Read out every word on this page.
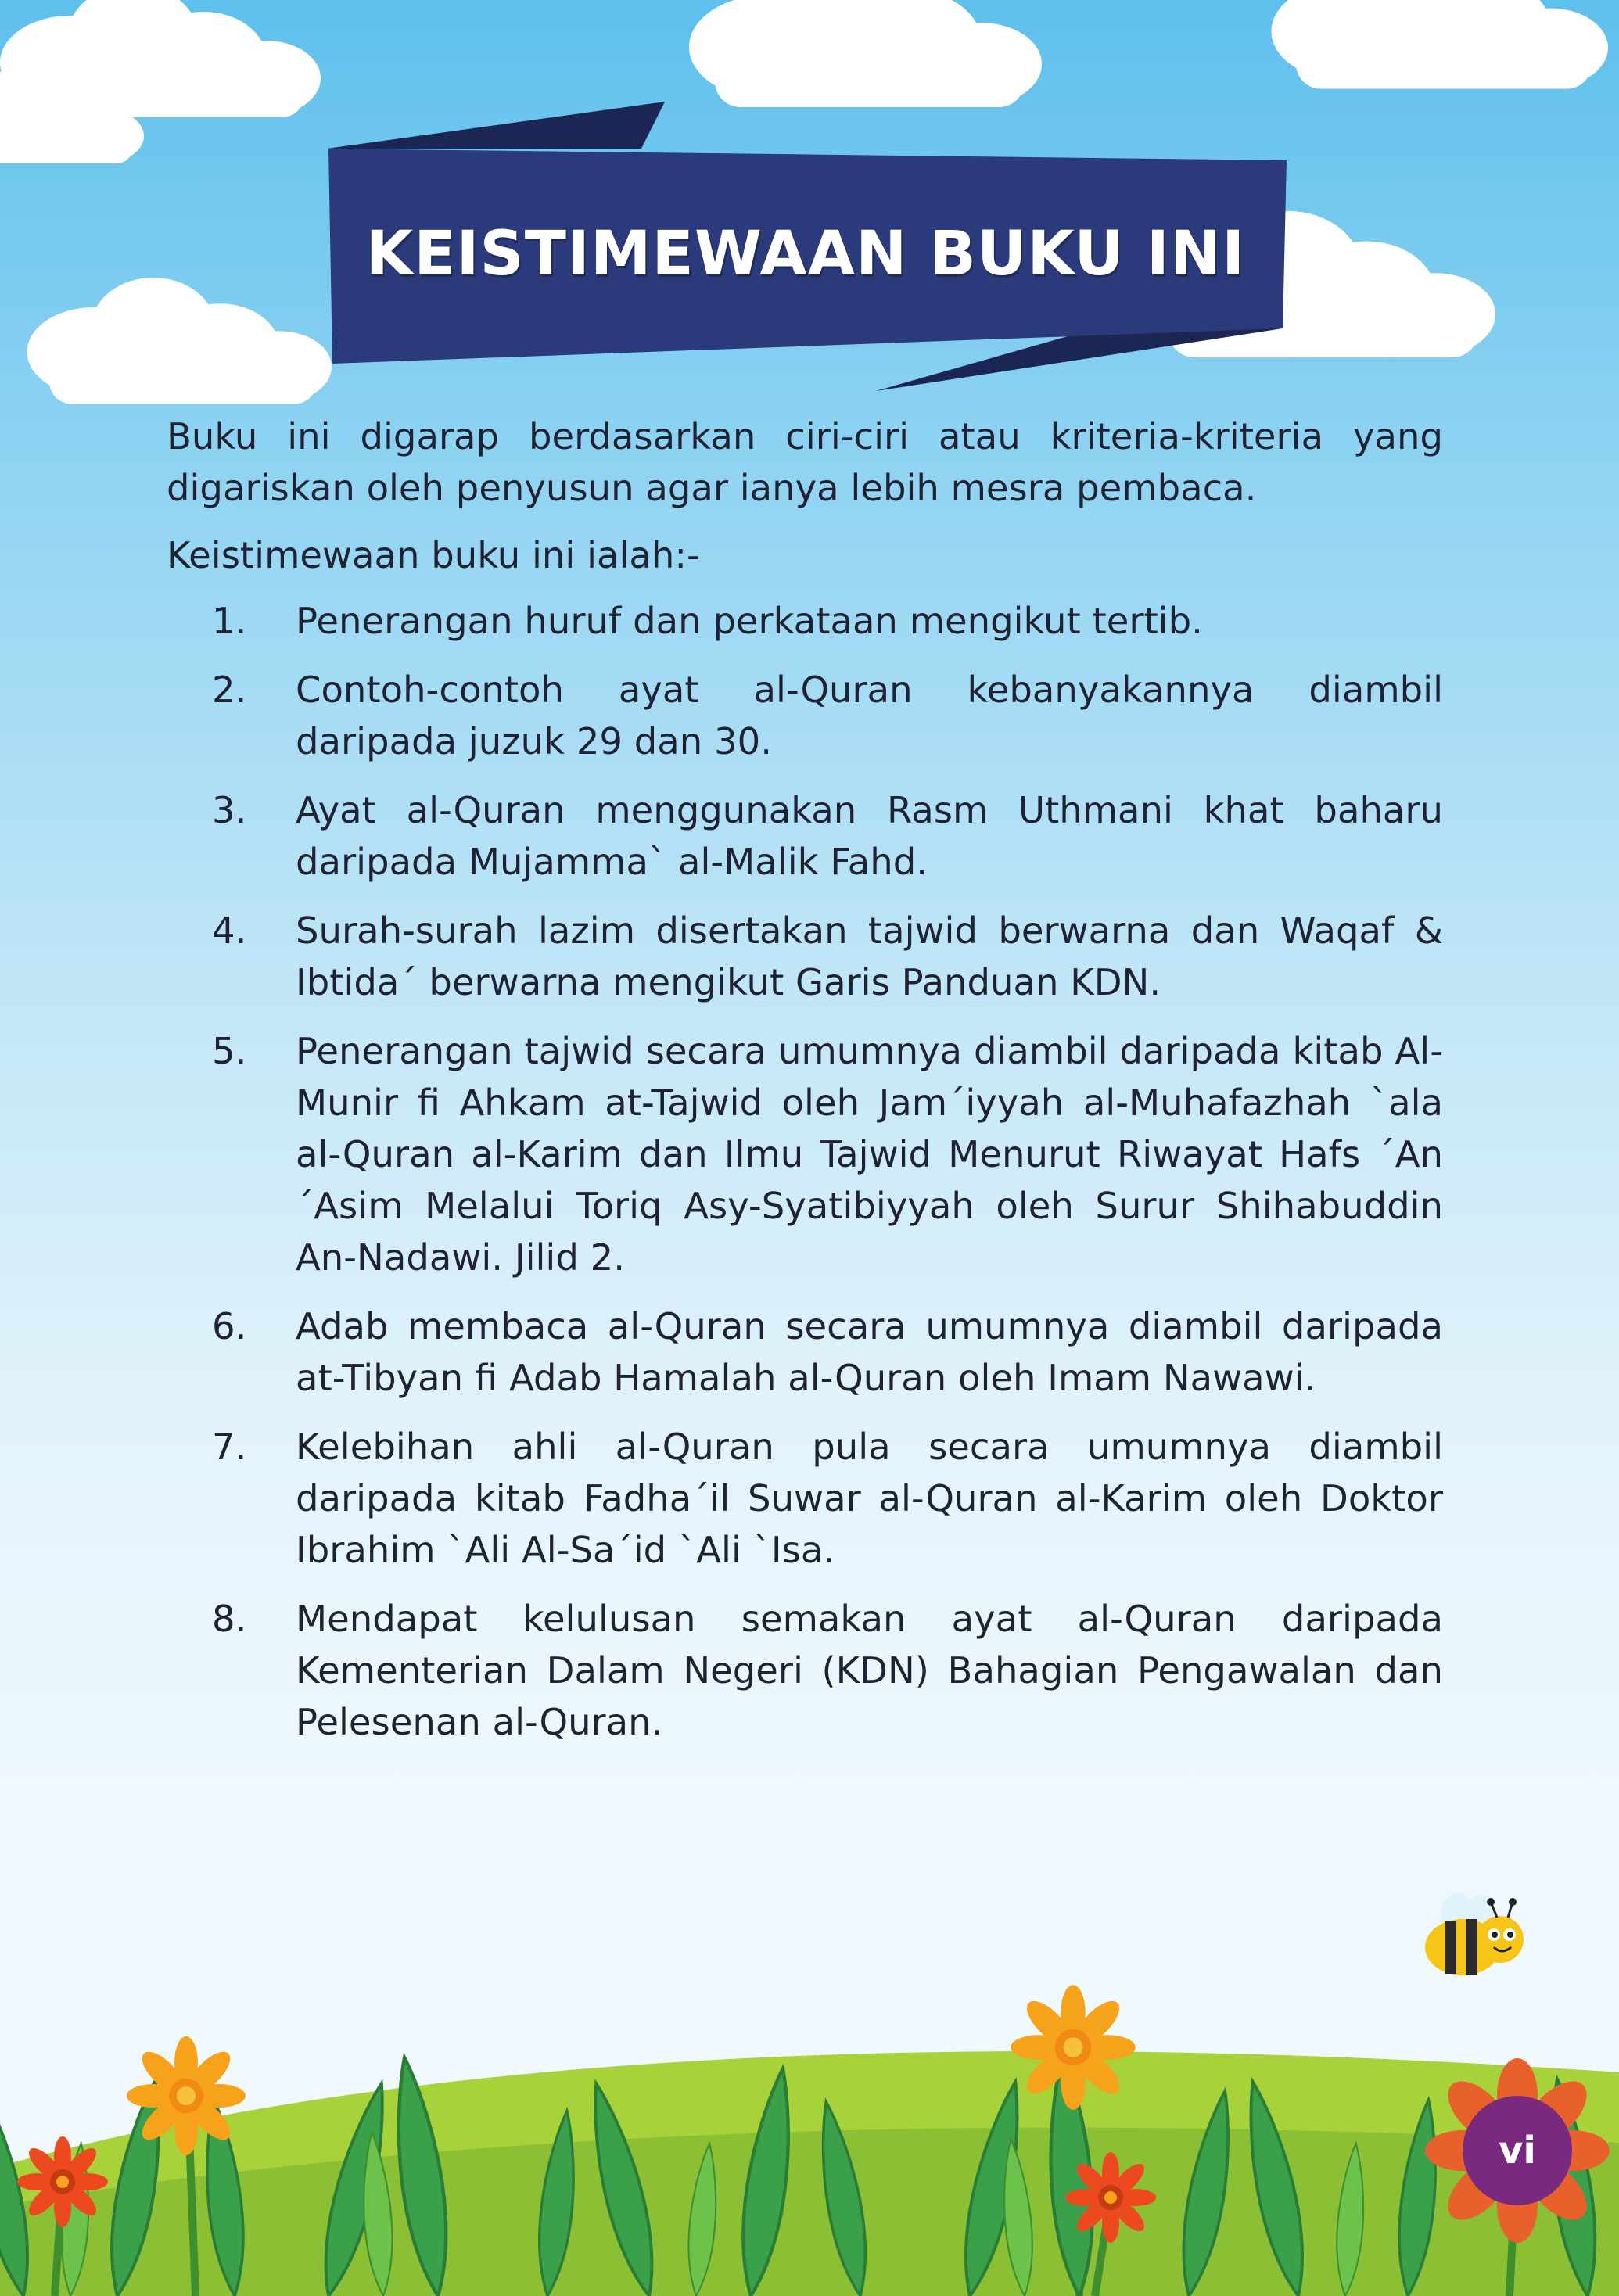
KEISTIMEWAAN BUKU INI

Buku ini digarap berdasarkan ciri-ciri atau kriteria-kriteria yang digariskan oleh penyusun agar ianya lebih mesra pembaca.

Keistimewaan buku ini ialah:-

1.	Penerangan huruf dan perkataan mengikut tertib.
2.	Contoh-contoh ayat al-Quran kebanyakannya diambil daripada juzuk 29 dan 30.
3.	Ayat al-Quran menggunakan Rasm Uthmani khat baharu daripada Mujamma` al-Malik Fahd.
4.	Surah-surah lazim disertakan tajwid berwarna dan Waqaf & Ibtida´ berwarna mengikut Garis Panduan KDN.
5.	Penerangan tajwid secara umumnya diambil daripada kitab Al-Munir fi Ahkam at-Tajwid oleh Jam´iyyah al-Muhafazhah `ala al-Quran al-Karim dan Ilmu Tajwid Menurut Riwayat Hafs ´An ´Asim Melalui Toriq Asy-Syatibiyyah oleh Surur Shihabuddin An-Nadawi. Jilid 2.
6.	Adab membaca al-Quran secara umumnya diambil daripada at-Tibyan fi Adab Hamalah al-Quran oleh Imam Nawawi.
7.	Kelebihan ahli al-Quran pula secara umumnya diambil daripada kitab Fadha´il Suwar al-Quran al-Karim oleh Doktor Ibrahim `Ali Al-Sa´id `Ali `Isa.
8.	Mendapat kelulusan semakan ayat al-Quran daripada Kementerian Dalam Negeri (KDN) Bahagian Pengawalan dan Pelesenan al-Quran.
vi
